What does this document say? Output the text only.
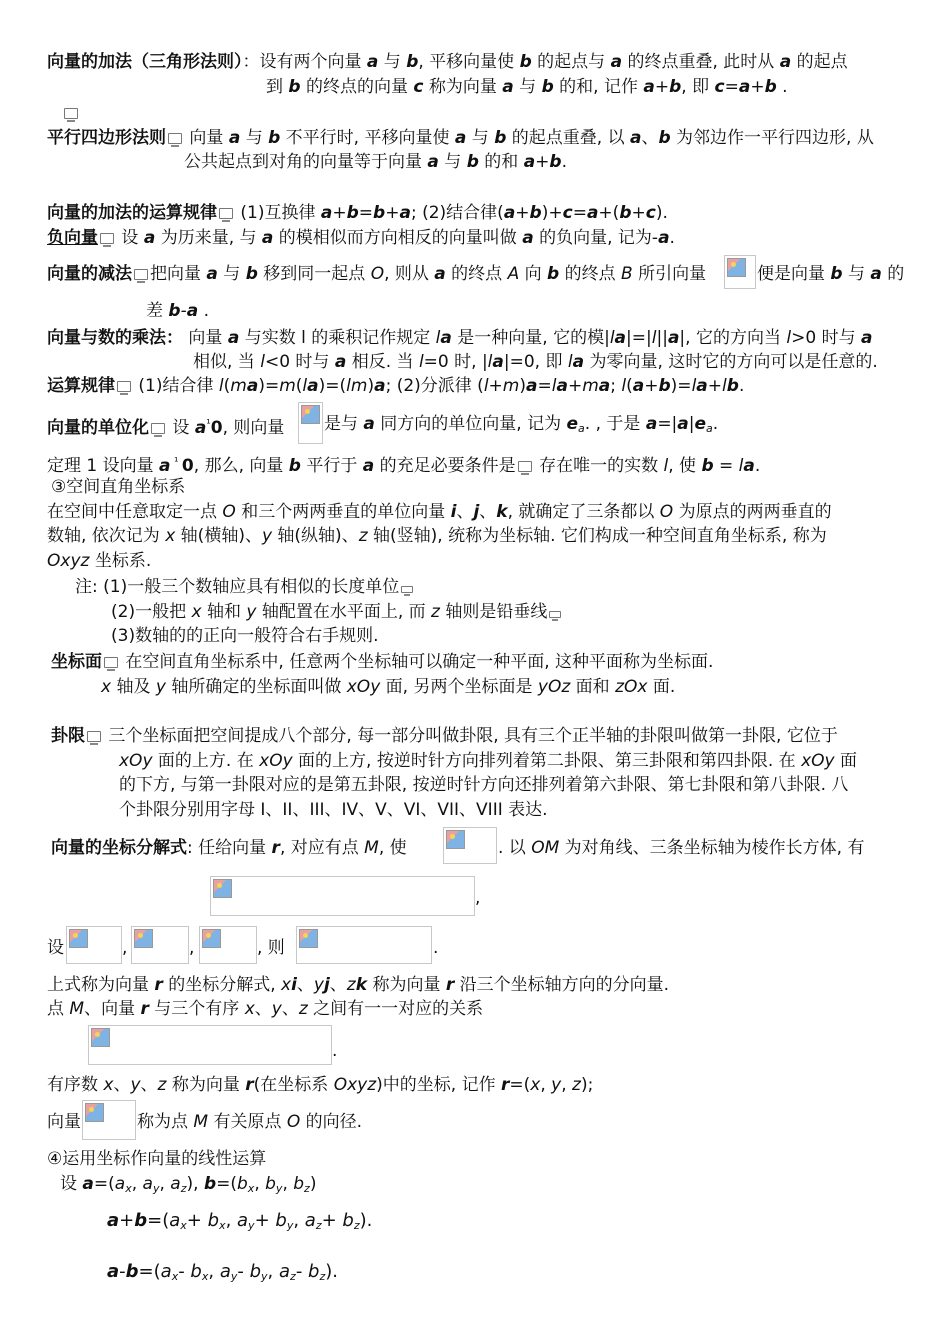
向量的加法（三角形法则）：设有两个向量 a 与 b, 平移向量使 b 的起点与 a 的终点重叠, 此时从 a 的起点
到 b 的终点的向量 c 称为向量 a 与 b 的和, 记作 a+b, 即 c=a+b .
平行四边形法则 向量 a 与 b 不平行时, 平移向量使 a 与 b 的起点重叠, 以 a、b 为邻边作一平行四边形, 从
公共起点到对角的向量等于向量 a 与 b 的和 a+b.
向量的加法的运算规律 (1)互换律 a+b=b+a; (2)结合律(a+b)+c=a+(b+c).
负向量 设 a 为历来量, 与 a 的模相似而方向相反的向量叫做 a 的负向量, 记为-a.
向量的减法 把向量 a 与 b 移到同一起点 O, 则从 a 的终点 A 向 b 的终点 B 所引向量	便是向量 b 与 a 的
差 b-a .
向量与数的乘法： 向量 a 与实数 l 的乘积记作规定 la 是一种向量, 它的模|la|=|l||a|, 它的方向当 l>0 时与 a
相似, 当 l<0 时与 a 相反. 当 l=0 时, |la|=0, 即 la 为零向量, 这时它的方向可以是任意的.
运算规律 (1)结合律 l(ma)=m(la)=(lm)a; (2)分派律 (l+m)a=la+ma; l(a+b)=la+lb.
向量的单位化 设 $a^{^1}0$, 则向量 是与 a 同方向的单位向量, 记为 $e_a$. , 于是 $a=|a|e_a$.
定理 1 设向量 a $^{^1}$ 0, 那么, 向量 b 平行于 a 的充足必要条件是 存在唯一的实数 l, 使 b = la.
③空间直角坐标系
在空间中任意取定一点 O 和三个两两垂直的单位向量 i、j、k, 就确定了三条都以 O 为原点的两两垂直的
数轴, 依次记为 x 轴(横轴)、y 轴(纵轴)、z 轴(竖轴), 统称为坐标轴. 它们构成一种空间直角坐标系, 称为
Oxyz 坐标系.
注: (1)一般三个数轴应具有相似的长度单位
(2)一般把 x 轴和 y 轴配置在水平面上, 而 z 轴则是铅垂线
(3)数轴的的正向一般符合右手规则.
坐标面 在空间直角坐标系中, 任意两个坐标轴可以确定一种平面, 这种平面称为坐标面.
x 轴及 y 轴所确定的坐标面叫做 xOy 面, 另两个坐标面是 yOz 面和 zOx 面.
卦限 三个坐标面把空间提成八个部分, 每一部分叫做卦限, 具有三个正半轴的卦限叫做第一卦限, 它位于
xOy 面的上方. 在 xOy 面的上方, 按逆时针方向排列着第二卦限、第三卦限和第四卦限. 在 xOy 面
的下方, 与第一卦限对应的是第五卦限, 按逆时针方向还排列着第六卦限、第七卦限和第八卦限. 八
个卦限分别用字母 I、II、III、IV、V、VI、VII、VIII 表达.
向量的坐标分解式: 任给向量 r, 对应有点 M, 使	. 以 OM 为对角线、三条坐标轴为棱作长方体, 有
,
设	,	,	, 则	.
上式称为向量 r 的坐标分解式, xi、yj、zk 称为向量 r 沿三个坐标轴方向的分向量.
点 M、向量 r 与三个有序 x、y、z 之间有一一对应的关系
.
有序数 x、y、z 称为向量 r(在坐标系 Oxyz)中的坐标, 记作 r=(x, y, z);
向量	称为点 M 有关原点 O 的向径.
④运用坐标作向量的线性运算
设 $a=(a_x$, $a_y$, $a_z$), $b=(b_x$, $b_y$, $b_z$)
$a+b=(a_x+ b_x$, $a_y+ b_y$, $a_z+ b_z$).
$a-b=(a_x-$ $b_x$, $a_y-$ $b_y$, $a_z-$ $b_z$).
